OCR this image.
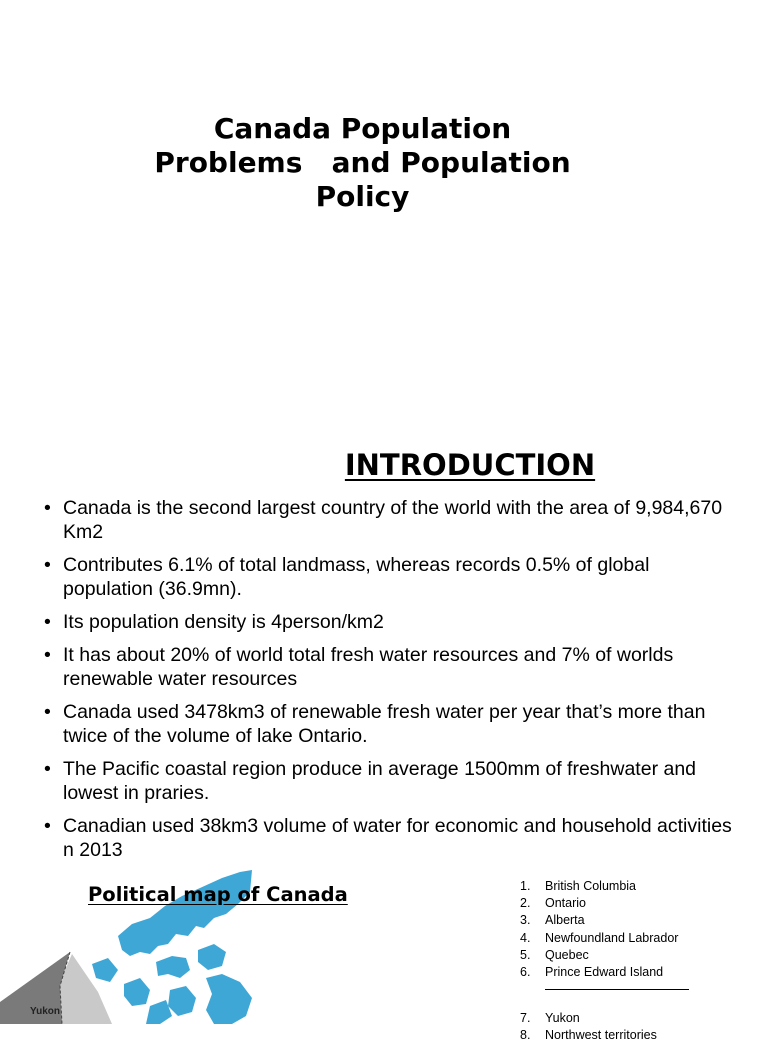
Canada Population
Problems   and Population
Policy
INTRODUCTION
• Canada is the second largest country of the world with the area of 9,984,670 Km2
• Contributes 6.1% of total landmass, whereas records 0.5% of global population (36.9mn).
• Its population density is 4person/km2
• It has about 20% of world total fresh water resources and 7% of worlds renewable water resources
• Canada used 3478km3 of renewable fresh water per year that’s more than twice of the volume of lake Ontario.
• The Pacific coastal region produce in average 1500mm of freshwater and lowest in praries.
• Canadian used 38km3 volume of water for economic and household activities n 2013
Political map of Canada
Yukon
1.	British Columbia
2.	Ontario
3.	Alberta
4.	Newfoundland Labrador
5.	Quebec
6.	Prince Edward Island
7.	Yukon
8.	Northwest territories
